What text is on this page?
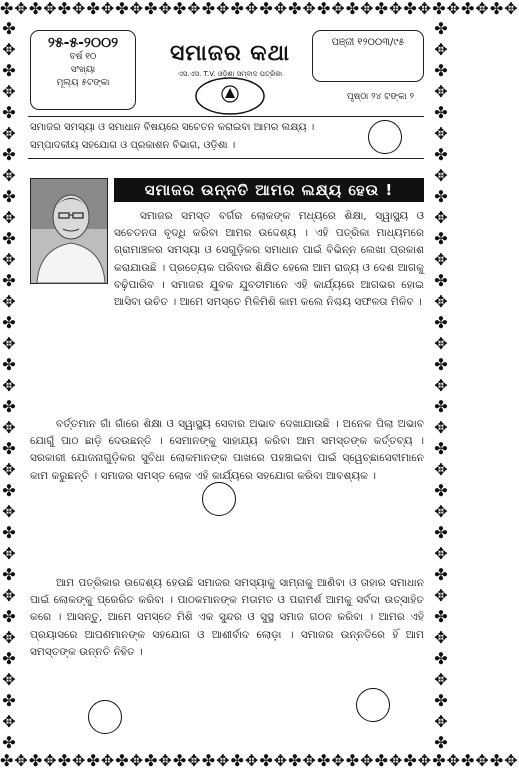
✤✥✤✥✤✥✤✥✤✥✤✥✤✥✤✥✤✥✤✥✤✥✤✥✤✥✤✥✤✥✤✥✤✥✤✥
✤✥✤✥✤✥✤✥✤✥✤✥✤✥✤✥✤✥✤✥✤✥✤✥✤✥✤✥✤✥✤✥✤✥✤✥
✤✥✤✥✤✥✤✥✤✥✤✥✤✥✤✥✤✥✤✥✤✥✤✥✤✥✤✥✤✥✤✥✤✥✤
✤✥✤✥✤✥✤✥✤✥✤✥✤✥✤✥✤✥✤✥✤✥✤✥✤✥✤✥✤✥✤✥✤✥✤
୨୫-୫-୨୦୦୨
ବର୍ଷ ୧୦
ସଂଖ୍ୟା
ମୂଲ୍ୟ ୫ଟଙ୍କା
ସମାଜର କଥା
ଏସ.ଏସ. T.V. ଓଡ଼ିଶା ସମ୍ବାଦ ପତ୍ରିକା
ପଞ୍ଜୀ ୧୨୦୦୩/୯୫
ପୃଷ୍ଠା ୨୪ ଟଙ୍କା ୨
ସମାଜର ସମସ୍ୟା ଓ ସମାଧାନ ବିଷୟରେ ସଚେତନ କରାଇବା ଆମର ଲକ୍ଷ୍ୟ ।
ସମ୍ପାଦକୀୟ ସହଯୋଗ ଓ ପ୍ରକାଶନ ବିଭାଗ, ଓଡ଼ିଶା ।
ସମାଜର ଉନ୍ନତି ଆମର ଲକ୍ଷ୍ୟ ହେଉ !
ସମାଜର ସମସ୍ତ ବର୍ଗର ଲୋକଙ୍କ ମଧ୍ୟରେ ଶିକ୍ଷା, ସ୍ୱାସ୍ଥ୍ୟ ଓ ସଚେତନତା ବୃଦ୍ଧି କରିବା ଆମର ଉଦ୍ଦେଶ୍ୟ । ଏହି ପତ୍ରିକା ମାଧ୍ୟମରେ ଗ୍ରାମାଞ୍ଚଳର ସମସ୍ୟା ଓ ସେଗୁଡ଼ିକର ସମାଧାନ ପାଇଁ ବିଭିନ୍ନ ଲେଖା ପ୍ରକାଶ କରାଯାଉଛି । ପ୍ରତ୍ୟେକ ପରିବାର ଶିକ୍ଷିତ ହେଲେ ଆମ ରାଜ୍ୟ ଓ ଦେଶ ଆଗକୁ ବଢ଼ିପାରିବ । ସମାଜର ଯୁବକ ଯୁବତୀମାନେ ଏହି କାର୍ଯ୍ୟରେ ଆଗଭର ହୋଇ ଆସିବା ଉଚିତ । ଆମେ ସମସ୍ତେ ମିଳିମିଶି କାମ କଲେ ନିଶ୍ଚୟ ସଫଳତା ମିଳିବ ।
ବର୍ତ୍ତମାନ ଗାଁ ଗାଁରେ ଶିକ୍ଷା ଓ ସ୍ୱାସ୍ଥ୍ୟ ସେବାର ଅଭାବ ଦେଖାଯାଉଛି । ଅନେକ ପିଲା ଅଭାବ ଯୋଗୁଁ ପାଠ ଛାଡ଼ି ଦେଉଛନ୍ତି । ସେମାନଙ୍କୁ ସାହାଯ୍ୟ କରିବା ଆମ ସମସ୍ତଙ୍କ କର୍ତ୍ତବ୍ୟ । ସରକାରୀ ଯୋଜନାଗୁଡ଼ିକର ସୁବିଧା ଲୋକମାନଙ୍କ ପାଖରେ ପହଞ୍ଚାଇବା ପାଇଁ ସ୍ୱେଚ୍ଛାସେବୀମାନେ କାମ କରୁଛନ୍ତି । ସମାଜର ସମସ୍ତ ଲୋକ ଏହି କାର୍ଯ୍ୟରେ ସହଯୋଗ କରିବା ଆବଶ୍ୟକ ।
ଆମ ପତ୍ରିକାର ଉଦ୍ଦେଶ୍ୟ ହେଉଛି ସମାଜର ସମସ୍ୟାକୁ ସାମ୍ନାକୁ ଆଣିବା ଓ ତାହାର ସମାଧାନ ପାଇଁ ଲୋକଙ୍କୁ ପ୍ରେରିତ କରିବା । ପାଠକମାନଙ୍କ ମତାମତ ଓ ପରାମର୍ଶ ଆମକୁ ସର୍ବଦା ଉତ୍ସାହିତ କରେ । ଆସନ୍ତୁ, ଆମେ ସମସ୍ତେ ମିଶି ଏକ ସୁନ୍ଦର ଓ ସୁସ୍ଥ ସମାଜ ଗଠନ କରିବା । ଆମର ଏହି ପ୍ରୟାସରେ ଆପଣମାନଙ୍କ ସହଯୋଗ ଓ ଆଶୀର୍ବାଦ ଲୋଡ଼ା । ସମାଜର ଉନ୍ନତିରେ ହିଁ ଆମ ସମସ୍ତଙ୍କ ଉନ୍ନତି ନିହିତ ।
